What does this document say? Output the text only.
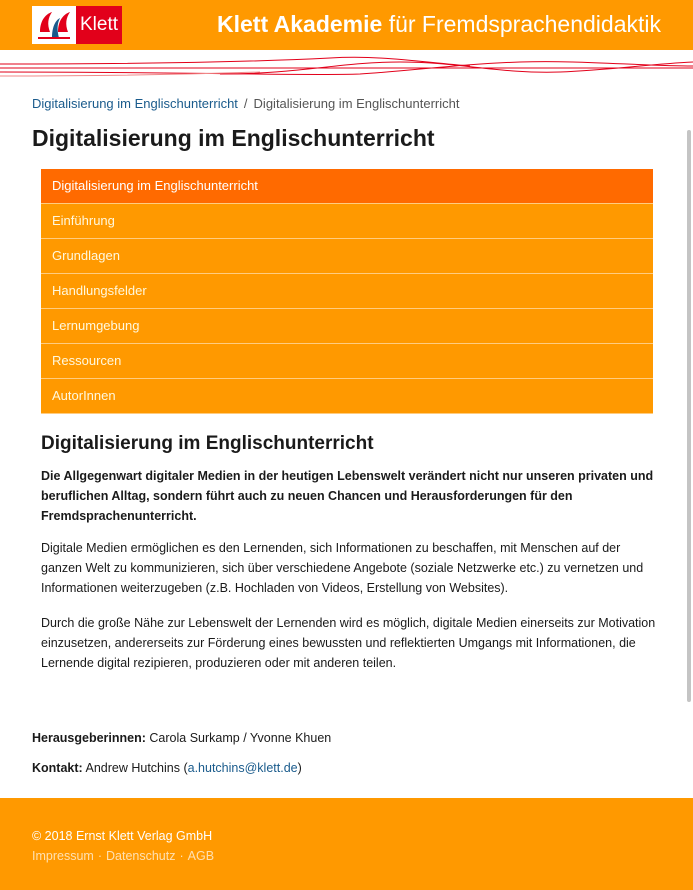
Klett	Klett Akademie für Fremdsprachendidaktik
Digitalisierung im Englischunterricht / Digitalisierung im Englischunterricht
Digitalisierung im Englischunterricht
Digitalisierung im Englischunterricht
Einführung
Grundlagen
Handlungsfelder
Lernumgebung
Ressourcen
AutorInnen
Digitalisierung im Englischunterricht

Die Allgegenwart digitaler Medien in der heutigen Lebenswelt verändert nicht nur unseren privaten und beruflichen Alltag, sondern führt auch zu neuen Chancen und Herausforderungen für den Fremdsprachenunterricht.

Digitale Medien ermöglichen es den Lernenden, sich Informationen zu beschaffen, mit Menschen auf der ganzen Welt zu kommunizieren, sich über verschiedene Angebote (soziale Netzwerke etc.) zu vernetzen und Informationen weiterzugeben (z.B. Hochladen von Videos, Erstellung von Websites).

Durch die große Nähe zur Lebenswelt der Lernenden wird es möglich, digitale Medien einerseits zur Motivation einzusetzen, andererseits zur Förderung eines bewussten und reflektierten Umgangs mit Informationen, die Lernende digital rezipieren, produzieren oder mit anderen teilen.

Herausgeberinnen: Carola Surkamp / Yvonne Khuen
Kontakt: Andrew Hutchins (a.hutchins@klett.de)
© 2018 Ernst Klett Verlag GmbH
Impressum · Datenschutz · AGB
